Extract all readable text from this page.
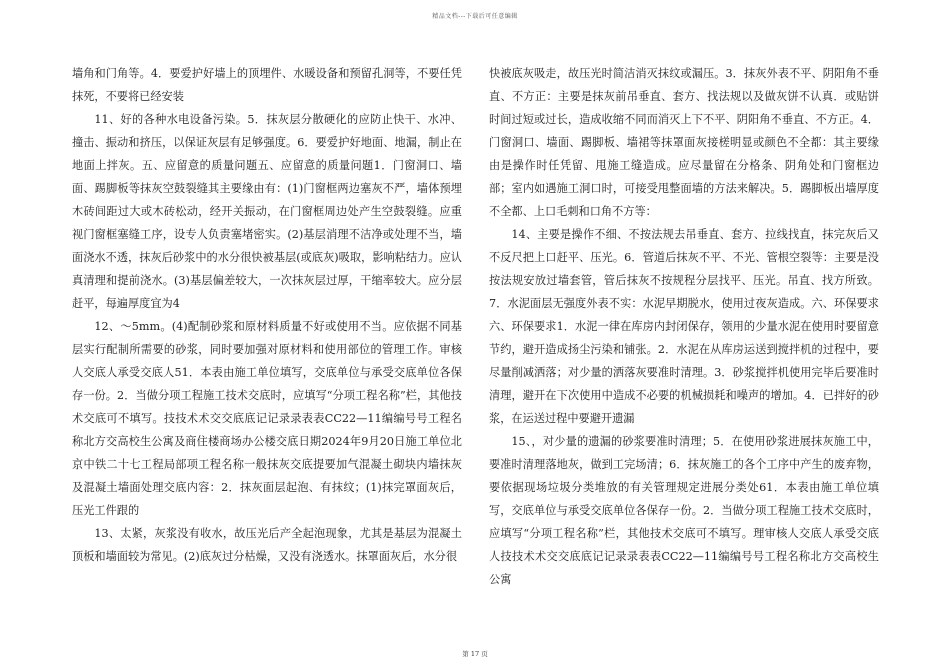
精品文档---下载后可任意编辑

墙角和门角等。4．要爱护好墙上的顶埋件、水暖设备和预留孔洞等，不要任凭抹死，不要将已经安装

11、好的各种水电设备污染。5．抹灰层分散硬化的应防止快干、水冲、撞击、振动和挤压，以保证灰层有足够强度。6．要爱护好地面、地漏，制止在地面上拌灰。五、应留意的质量问题五、应留意的质量问题1．门窗洞口、墙面、踢脚板等抹灰空鼓裂缝其主要缘由有：(1)门窗框两边塞灰不严，墙体预埋木砖间距过大或木砖松动，经开关振动，在门窗框周边处产生空鼓裂缝。应重视门窗框塞缝工序，设专人负责塞堵密实。(2)基层消理不洁净或处理不当，墙面浇水不透，抹灰后砂浆中的水分很快被基层(或底灰)吸取，影响粘结力。应认真清理和提前浇水。(3)基层偏差较大，一次抹灰层过厚，干缩率较大。应分层赶平，每遍厚度宜为4

12、～5mm。(4)配制砂浆和原材料质量不好或使用不当。应依据不同基层实行配制所需要的砂浆，同时要加强对原材料和使用部位的管理工作。审核人交底人承受交底人51．本表由施工单位填写，交底单位与承受交底单位各保存一份。2．当做分项工程施工技术交底时，应填写“分项工程名称”栏，其他技术交底可不填写。技技术术交交底底记记录录表表CC22—11编编号号工程名称北方交高校生公寓及商住楼商场办公楼交底日期2024年9月20日施工单位北京中铁二十七工程局部项工程名称一般抹灰交底提要加气混凝土砌块内墙抹灰及混凝土墙面处理交底内容：2．抹灰面层起泡、有抹纹；(1)抹完罩面灰后，压光工件跟的

13、太紧，灰浆没有收水，故压光后产全起泡现象，尤其是基层为混凝土顶板和墙面较为常见。(2)底灰过分枯燥，又没有浇透水。抹罩面灰后，水分很

快被底灰吸走，故压光时简洁消灭抹纹或漏压。3．抹灰外表不平、阴阳角不垂直、不方正：主要是抹灰前吊垂直、套方、找法规以及做灰饼不认真．或贴饼时间过短或过长，造成收缩不同而消灭上下不平、阴阳角不垂直、不方正。4．门窗洞口、墙面、踢脚板、墙裙等抹罩面灰接槎明显或颜色不全都：其主要缘由是操作时任凭留、甩施工缝造成。应尽量留在分格条、阴角处和门窗框边部；室内如遇施工洞口时，可接受甩整面墙的方法来解决。5．踢脚板出墙厚度不全都、上口毛刺和口角不方等：

14、主要是操作不细、不按法规去吊垂直、套方、拉线找直，抹完灰后又不反尺把上口赶平、压光。6．管道后抹灰不平、不光、管根空裂等：主要是没按法规安放过墙套管，管后抹灰不按规程分层找平、压光。吊直、找方所致。7．水泥面层无强度外表不实：水泥早期脱水，使用过夜灰造成。六、环保要求六、环保要求1．水泥一律在库房内封闭保存，领用的少量水泥在使用时要留意节约，避开造成扬尘污染和铺张。2．水泥在从库房运送到搅拌机的过程中，要尽量削减洒落；对少量的洒落灰要准时清理。3．砂浆搅拌机使用完毕后要准时清理，避开在下次使用中造成不必要的机械损耗和噪声的增加。4．已拌好的砂浆，在运送过程中要避开遗漏

15、，对少量的遗漏的砂浆要准时清理；5．在使用砂浆进展抹灰施工中，要准时清理落地灰，做到工完场清；6．抹灰施工的各个工序中产生的废弃物，要依据现场垃圾分类堆放的有关管理规定进展分类处61．本表由施工单位填写，交底单位与承受交底单位各保存一份。2．当做分项工程施工技术交底时，应填写“分项工程名称”栏，其他技术交底可不填写。理审核人交底人承受交底人技技术术交交底底记记录录表表CC22—11编编号号工程名称北方交高校生公寓

第 17 页
